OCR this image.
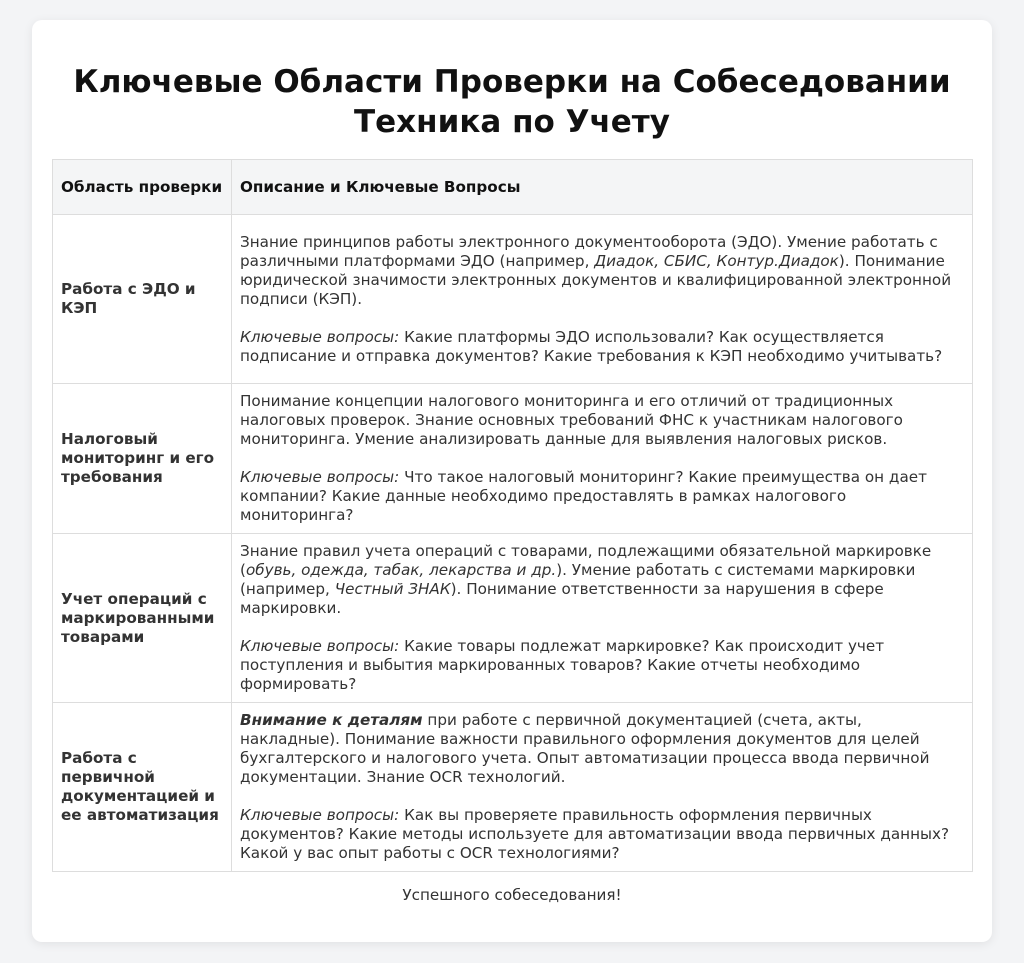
Ключевые Области Проверки на Собеседовании Техника по Учету
Область проверки	Описание и Ключевые Вопросы
Работа с ЭДО и КЭП	Знание принципов работы электронного документооборота (ЭДО). Умение работать с различными платформами ЭДО (например, Диадок, СБИС, Контур.Диадок). Понимание юридической значимости электронных документов и квалифицированной электронной подписи (КЭП).
Ключевые вопросы: Какие платформы ЭДО использовали? Как осуществляется подписание и отправка документов? Какие требования к КЭП необходимо учитывать?

Налоговый мониторинг и его требования	Понимание концепции налогового мониторинга и его отличий от традиционных налоговых проверок. Знание основных требований ФНС к участникам налогового мониторинга. Умение анализировать данные для выявления налоговых рисков.
Ключевые вопросы: Что такое налоговый мониторинг? Какие преимущества он дает компании? Какие данные необходимо предоставлять в рамках налогового мониторинга?

Учет операций с маркированными товарами	Знание правил учета операций с товарами, подлежащими обязательной маркировке (обувь, одежда, табак, лекарства и др.). Умение работать с системами маркировки (например, Честный ЗНАК). Понимание ответственности за нарушения в сфере маркировки.
Ключевые вопросы: Какие товары подлежат маркировке? Как происходит учет поступления и выбытия маркированных товаров? Какие отчеты необходимо формировать?

Работа с первичной документацией и ее автоматизация	Внимание к деталям при работе с первичной документацией (счета, акты, накладные). Понимание важности правильного оформления документов для целей бухгалтерского и налогового учета. Опыт автоматизации процесса ввода первичной документации. Знание OCR технологий.
Ключевые вопросы: Как вы проверяете правильность оформления первичных документов? Какие методы используете для автоматизации ввода первичных данных? Какой у вас опыт работы с OCR технологиями?
Успешного собеседования!
